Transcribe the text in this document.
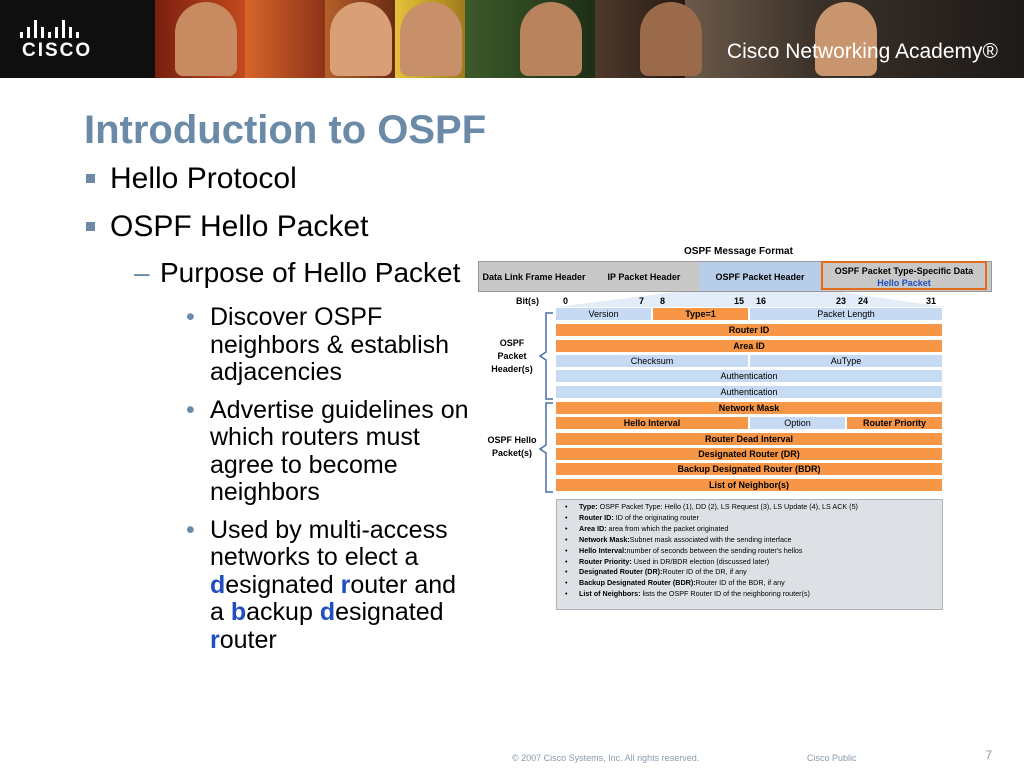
CISCO	Cisco Networking Academy®
Introduction to OSPF
Hello Protocol
OSPF Hello Packet
– Purpose of Hello Packet
• Discover OSPF neighbors & establish adjacencies
• Advertise guidelines on which routers must agree to become neighbors
• Used by multi-access networks to elect a designated router and a backup designated router
OSPF Message Format
Data Link Frame Header	IP Packet Header	OSPF Packet Header
OSPF Packet Type-Specific Data
Hello Packet
Bit(s)	0	7 8	15 16	23 24	31
OSPF Packet Header(s)
OSPF Hello Packet(s)
Version	Type=1	Packet Length
Router ID
Area ID
Checksum	AuType
Authentication
Authentication
Network Mask
Hello Interval	Option	Router Priority
Router Dead Interval
Designated Router (DR)
Backup Designated Router (BDR)
List of Neighbor(s)
• Type: OSPF Packet Type: Hello (1), DD (2), LS Request (3), LS Update (4), LS ACK (5)
• Router ID: ID of the originating router
• Area ID: area from which the packet originated
• Network Mask:Subnet mask associated with the sending interface
• Hello Interval:number of seconds between the sending router's hellos
• Router Priority: Used in DR/BDR election (discussed later)
• Designated Router (DR):Router ID of the DR, if any
• Backup Designated Router (BDR):Router ID of the BDR, if any
• List of Neighbors: lists the OSPF Router ID of the neighboring router(s)
© 2007 Cisco Systems, Inc. All rights reserved.	Cisco Public	7
